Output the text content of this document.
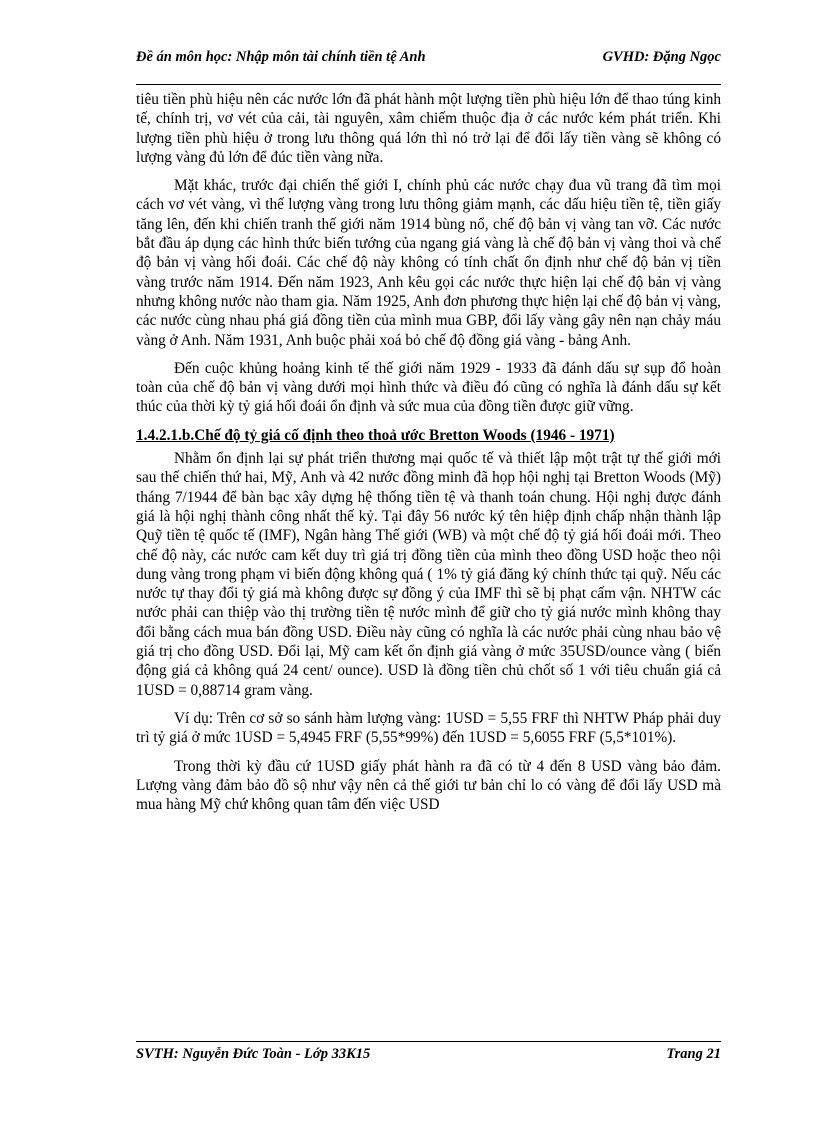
Đề án môn học: Nhập môn tài chính tiền tệ Anh	GVHD: Đặng Ngọc

tiêu tiền phù hiệu nên các nước lớn đã phát hành một lượng tiền phù hiệu lớn để thao túng kinh tế, chính trị, vơ vét của cải, tài nguyên, xâm chiếm thuộc địa ở các nước kém phát triển. Khi lượng tiền phù hiệu ở trong lưu thông quá lớn thì nó trở lại để đổi lấy tiền vàng sẽ không có lượng vàng đủ lớn để đúc tiền vàng nữa.

Mặt khác, trước đại chiến thế giới I, chính phủ các nước chạy đua vũ trang đã tìm mọi cách vơ vét vàng, vì thế lượng vàng trong lưu thông giảm mạnh, các dấu hiệu tiền tệ, tiền giấy tăng lên, đến khi chiến tranh thế giới năm 1914 bùng nổ, chế độ bản vị vàng tan vỡ. Các nước bắt đầu áp dụng các hình thức biến tướng của ngang giá vàng là chế độ bản vị vàng thoi và chế độ bản vị vàng hối đoái. Các chế độ này không có tính chất ổn định như chế độ bản vị tiền vàng trước năm 1914. Đến năm 1923, Anh kêu gọi các nước thực hiện lại chế độ bản vị vàng nhưng không nước nào tham gia. Năm 1925, Anh đơn phương thực hiện lại chế độ bản vị vàng, các nước cùng nhau phá giá đồng tiền của mình mua GBP, đổi lấy vàng gây nên nạn chảy máu vàng ở Anh. Năm 1931, Anh buộc phải xoá bỏ chế độ đồng giá vàng - bảng Anh.

Đến cuộc khủng hoảng kinh tế thế giới năm 1929 - 1933 đã đánh dấu sự sụp đổ hoàn toàn của chế độ bản vị vàng dưới mọi hình thức và điều đó cũng có nghĩa là đánh dấu sự kết thúc của thời kỳ tỷ giá hối đoái ổn định và sức mua của đồng tiền được giữ vững.

1.4.2.1.b.Chế độ tỷ giá cố định theo thoả ước Bretton Woods (1946 - 1971)

Nhằm ổn định lại sự phát triển thương mại quốc tế và thiết lập một trật tự thế giới mới sau thế chiến thứ hai, Mỹ, Anh và 42 nước đồng minh đã họp hội nghị tại Bretton Woods (Mỹ) tháng 7/1944 để bàn bạc xây dựng hệ thống tiền tệ và thanh toán chung. Hội nghị được đánh giá là hội nghị thành công nhất thế kỷ. Tại đây 56 nước ký tên hiệp định chấp nhận thành lập Quỹ tiền tệ quốc tế (IMF), Ngân hàng Thế giới (WB) và một chế độ tỷ giá hối đoái mới. Theo chế độ này, các nước cam kết duy trì giá trị đồng tiền của mình theo đồng USD hoặc theo nội dung vàng trong phạm vi biến động không quá ( 1% tỷ giá đăng ký chính thức tại quỹ. Nếu các nước tự thay đổi tỷ giá mà không được sự đồng ý của IMF thì sẽ bị phạt cấm vận. NHTW các nước phải can thiệp vào thị trường tiền tệ nước mình để giữ cho tỷ giá nước mình không thay đổi bằng cách mua bán đồng USD. Điều này cũng có nghĩa là các nước phải cùng nhau bảo vệ giá trị cho đồng USD. Đổi lại, Mỹ cam kết ổn định giá vàng ở mức 35USD/ounce vàng ( biến động giá cả không quá 24 cent/ ounce). USD là đồng tiền chủ chốt số 1 với tiêu chuẩn giá cả 1USD = 0,88714 gram vàng.

Ví dụ: Trên cơ sở so sánh hàm lượng vàng: 1USD = 5,55 FRF thì NHTW Pháp phải duy trì tỷ giá ở mức 1USD = 5,4945 FRF (5,55*99%) đến 1USD = 5,6055 FRF (5,5*101%).

Trong thời kỳ đầu cứ 1USD giấy phát hành ra đã có từ 4 đến 8 USD vàng bảo đảm. Lượng vàng đảm bảo đồ sộ như vậy nên cả thế giới tư bản chỉ lo có vàng để đổi lấy USD mà mua hàng Mỹ chứ không quan tâm đến việc USD

SVTH: Nguyễn Đức Toàn - Lớp 33K15	Trang 21
